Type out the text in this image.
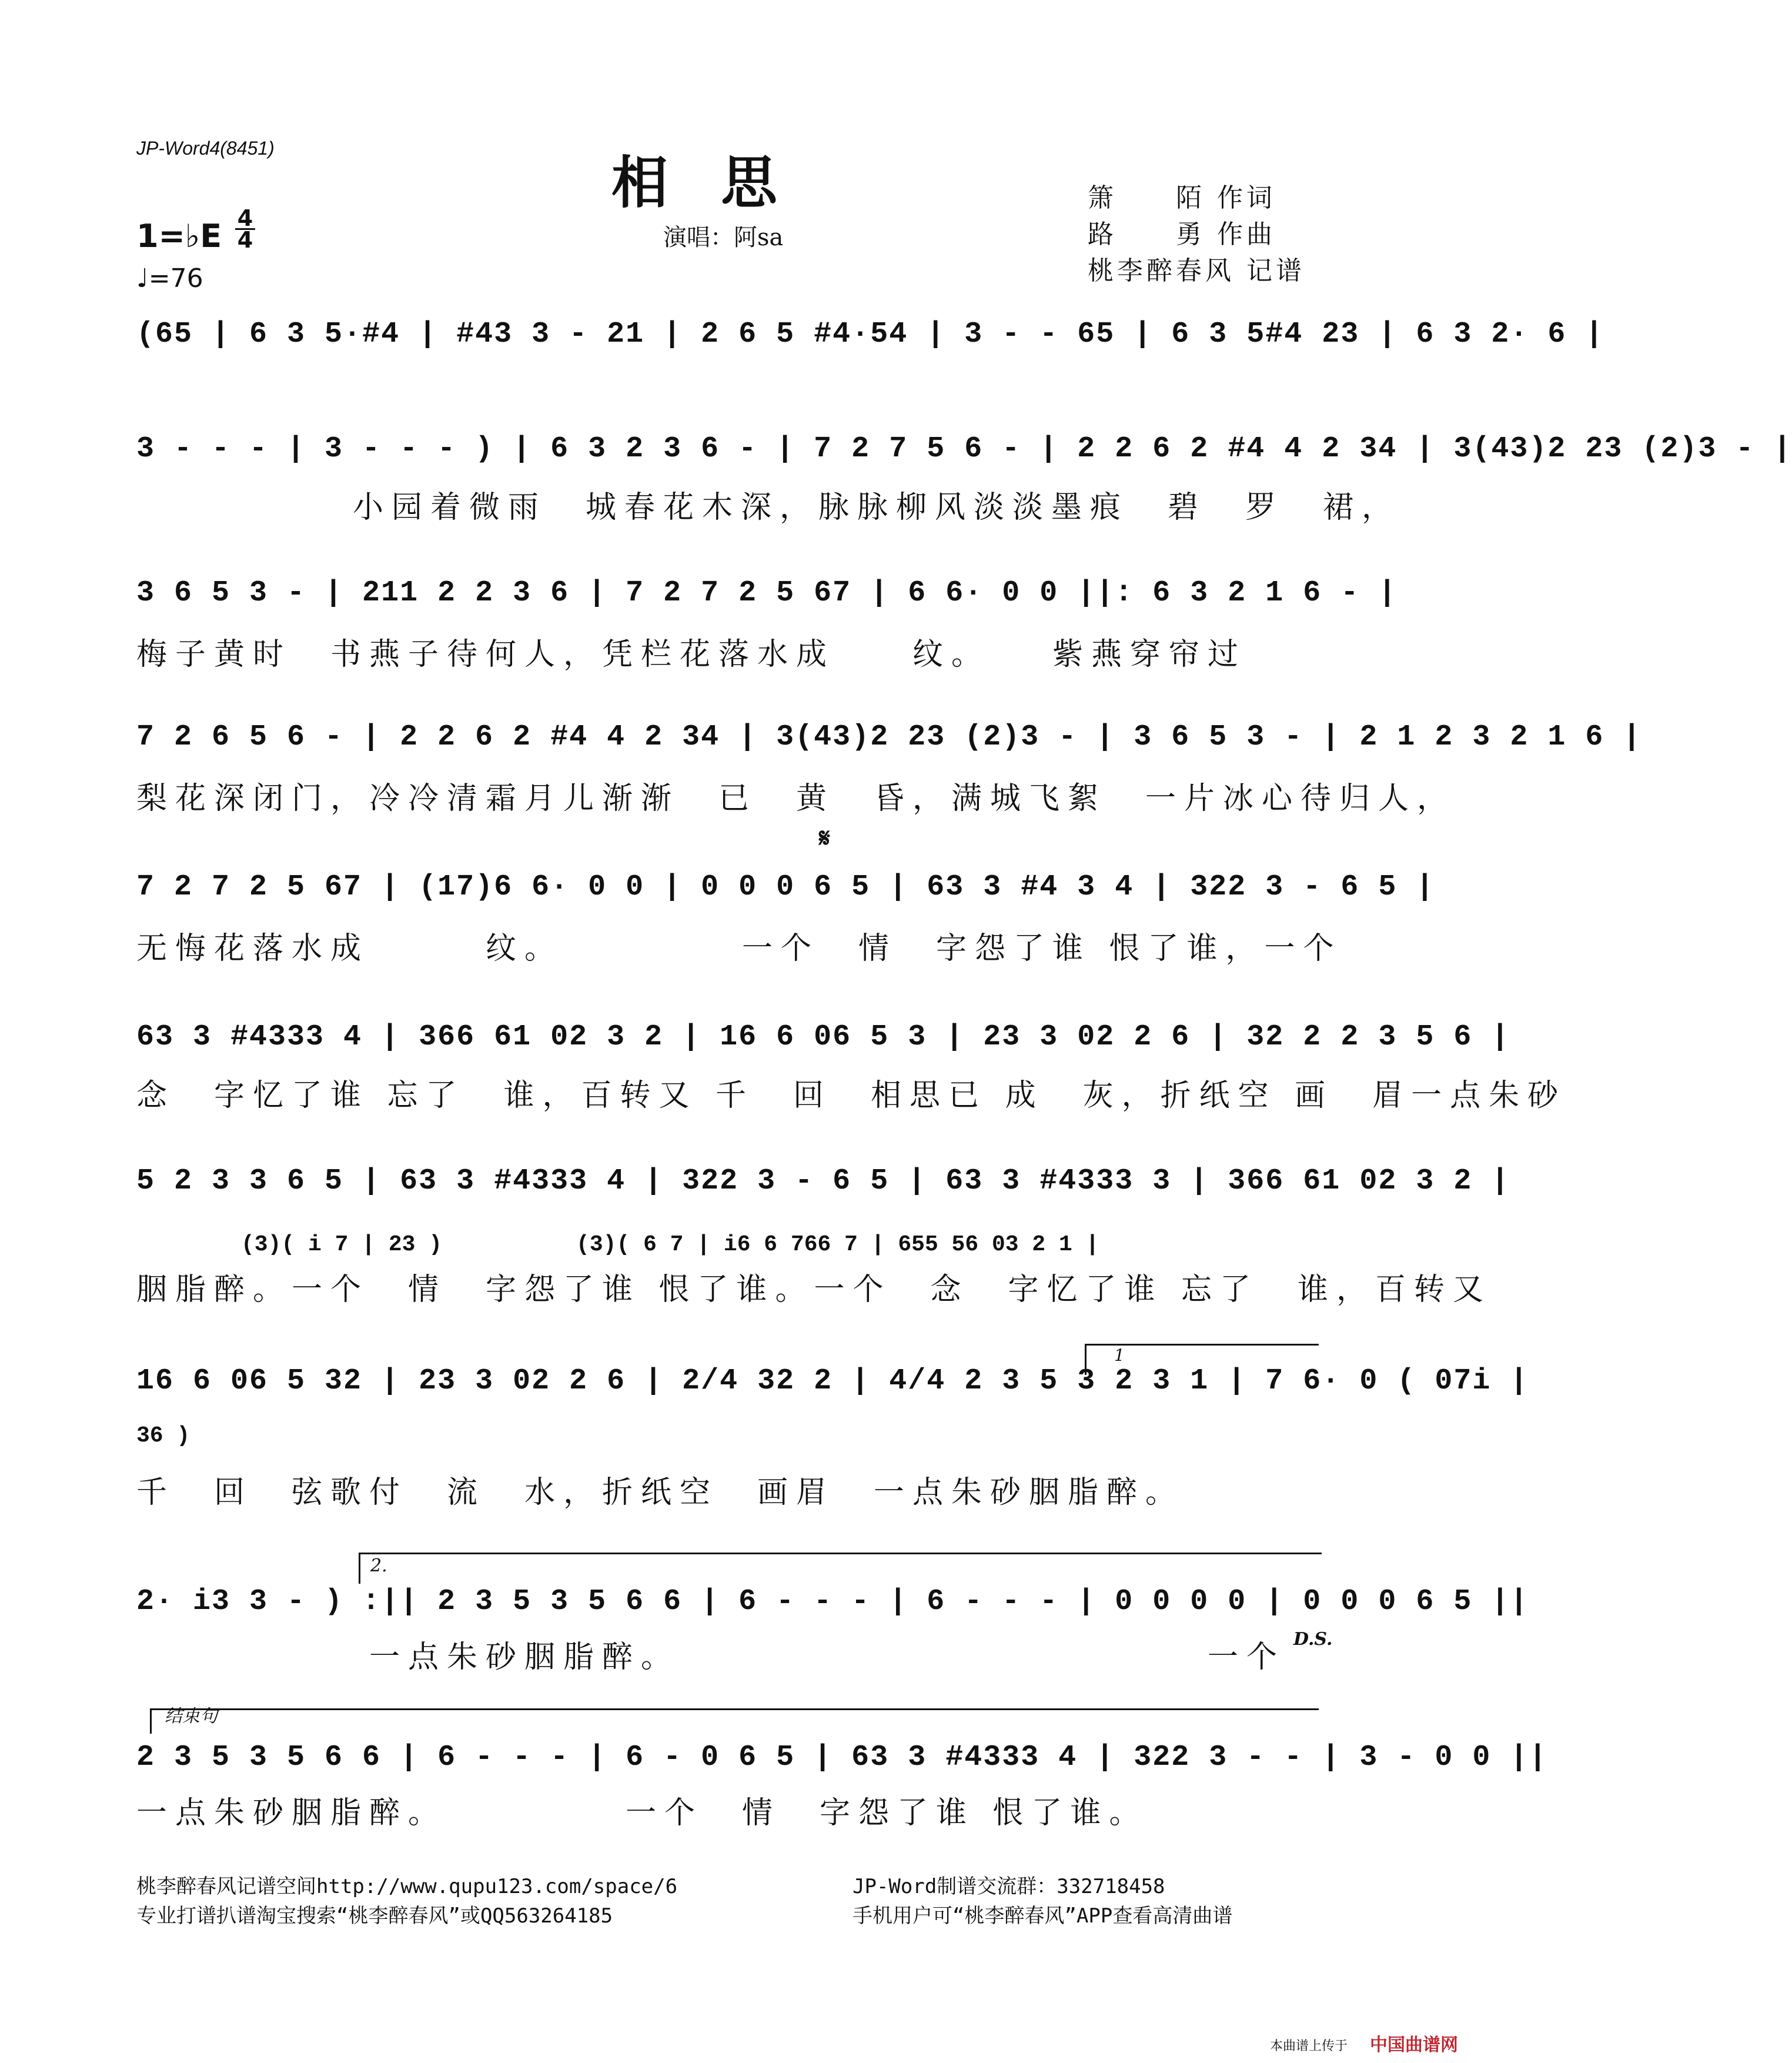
JP-Word4(8451)
相思
演唱：阿sa
箫　　陌 作词
路　　勇 作曲
桃李醉春风 记谱
1=♭E 4
4
♩=76
(65 | 6 3 5·#4 | #43 3 - 21 | 2 6 5 #4·54 | 3 - - 65 | 6 3 5#4 23 | 6 3 2· 6 |
3 - - - | 3 - - - ) | 6 3 2 3 6 - | 7 2 7 5 6 - | 2 2 6 2 #4 4 2 34 | 3(43)2 23 (2)3 - |
小园着微雨　城春花木深，脉脉柳风淡淡墨痕　碧　罗　裙，
3 6 5 3 - | 211 2 2 3 6 | 7 2 7 2 5 67 | 6 6· 0 0 ||: 6 3 2 1 6 - |
梅子黄时　书燕子待何人，凭栏花落水成　　纹。　　紫燕穿帘过
7 2 6 5 6 - | 2 2 6 2 #4 4 2 34 | 3(43)2 23 (2)3 - | 3 6 5 3 - | 2 1 2 3 2 1 6 |
梨花深闭门，冷冷清霜月儿渐渐　已　黄　昏，满城飞絮　一片冰心待归人，
𝄋
7 2 7 2 5 67 | (17)6 6· 0 0 | 0 0 0 6 5 | 63 3 #4 3 4 | 322 3 - 6 5 |
无悔花落水成　　　纹。　　　　　一个　情　字怨了谁 恨了谁，一个
63 3 #4333 4 | 366 61 02 3 2 | 16 6 06 5 3 | 23 3 02 2 6 | 32 2 2 3 5 6 |
念　字忆了谁 忘了　谁，百转又 千　回　相思已 成　灰，折纸空 画　眉一点朱砂
5 2 3 3 6 5 | 63 3 #4333 4 | 322 3 - 6 5 | 63 3 #4333 3 | 366 61 02 3 2 |
(3)( i 7 | 23 )　　　　　　(3)( 6 7 | i6 6 766 7 | 655 56 03 2 1 |
胭脂醉。一个　情　字怨了谁 恨了谁。一个　念　字忆了谁 忘了　谁，百转又
1
16 6 06 5 32 | 23 3 02 2 6 | 2/4 32 2 | 4/4 2 3 5 3 2 3 1 | 7 6· 0 ( 07i |
36 )
千　回　弦歌付　流　水，折纸空　画眉　一点朱砂胭脂醉。
2.
2· i3 3 - ) :|| 2 3 5 3 5 6 6 | 6 - - - | 6 - - - | 0 0 0 0 | 0 0 0 6 5 ||
　　　　　　一点朱砂胭脂醉。　　　　　　　　　　　　　　一个
D.S.
结束句
2 3 5 3 5 6 6 | 6 - - - | 6 - 0 6 5 | 63 3 #4333 4 | 322 3 - - | 3 - 0 0 ||
一点朱砂胭脂醉。　　　　　一个　情　字怨了谁 恨了谁。
桃李醉春风记谱空间http://www.qupu123.com/space/6
专业打谱扒谱淘宝搜索“桃李醉春风”或QQ563264185
JP-Word制谱交流群：332718458
手机用户可“桃李醉春风”APP查看高清曲谱
本曲谱上传于 中国曲谱网
